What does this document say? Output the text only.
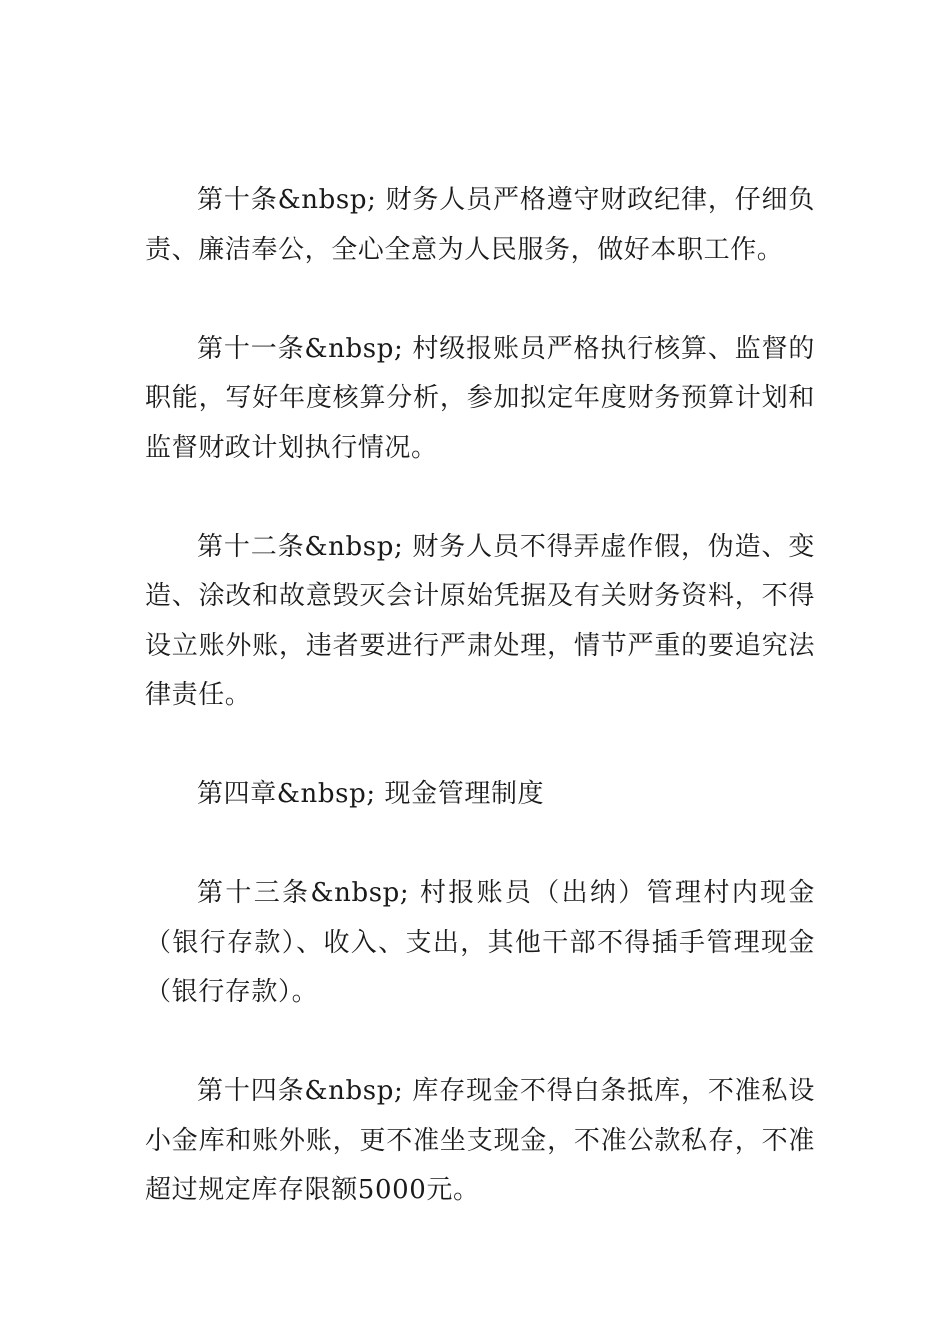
第十条&nbsp; 财务人员严格遵守财政纪律，仔细负责、廉洁奉公，全心全意为人民服务，做好本职工作。

第十一条&nbsp; 村级报账员严格执行核算、监督的职能，写好年度核算分析，参加拟定年度财务预算计划和监督财政计划执行情况。

第十二条&nbsp; 财务人员不得弄虚作假，伪造、变造、涂改和故意毁灭会计原始凭据及有关财务资料，不得设立账外账，违者要进行严肃处理，情节严重的要追究法律责任。

第四章&nbsp; 现金管理制度

第十三条&nbsp; 村报账员（出纳）管理村内现金（银行存款）、收入、支出，其他干部不得插手管理现金（银行存款）。

第十四条&nbsp; 库存现金不得白条抵库，不准私设小金库和账外账，更不准坐支现金，不准公款私存，不准超过规定库存限额5000元。
